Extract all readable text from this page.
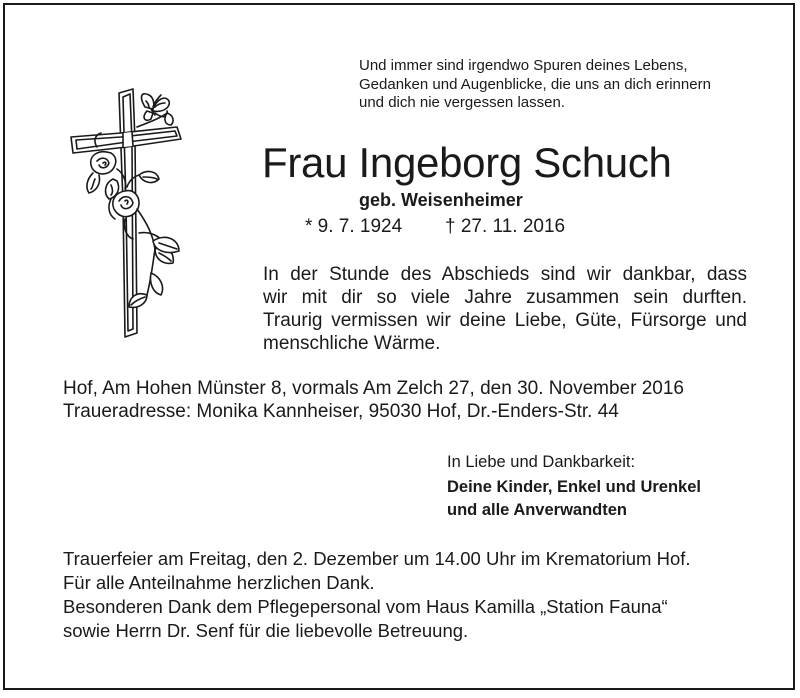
Und immer sind irgendwo Spuren deines Lebens,
Gedanken und Augenblicke, die uns an dich erinnern
und dich nie vergessen lassen.

Frau Ingeborg Schuch
geb. Weisenheimer
* 9. 7. 1924 † 27. 11. 2016

In der Stunde des Abschieds sind wir dankbar, dass
wir mit dir so viele Jahre zusammen sein durften.
Traurig vermissen wir deine Liebe, Güte, Fürsorge und
menschliche Wärme.

Hof, Am Hohen Münster 8, vormals Am Zelch 27, den 30. November 2016
Traueradresse: Monika Kannheiser, 95030 Hof, Dr.-Enders-Str. 44

In Liebe und Dankbarkeit:

Deine Kinder, Enkel und Urenkel
und alle Anverwandten

Trauerfeier am Freitag, den 2. Dezember um 14.00 Uhr im Krematorium Hof.
Für alle Anteilnahme herzlichen Dank.
Besonderen Dank dem Pflegepersonal vom Haus Kamilla „Station Fauna“
sowie Herrn Dr. Senf für die liebevolle Betreuung.
